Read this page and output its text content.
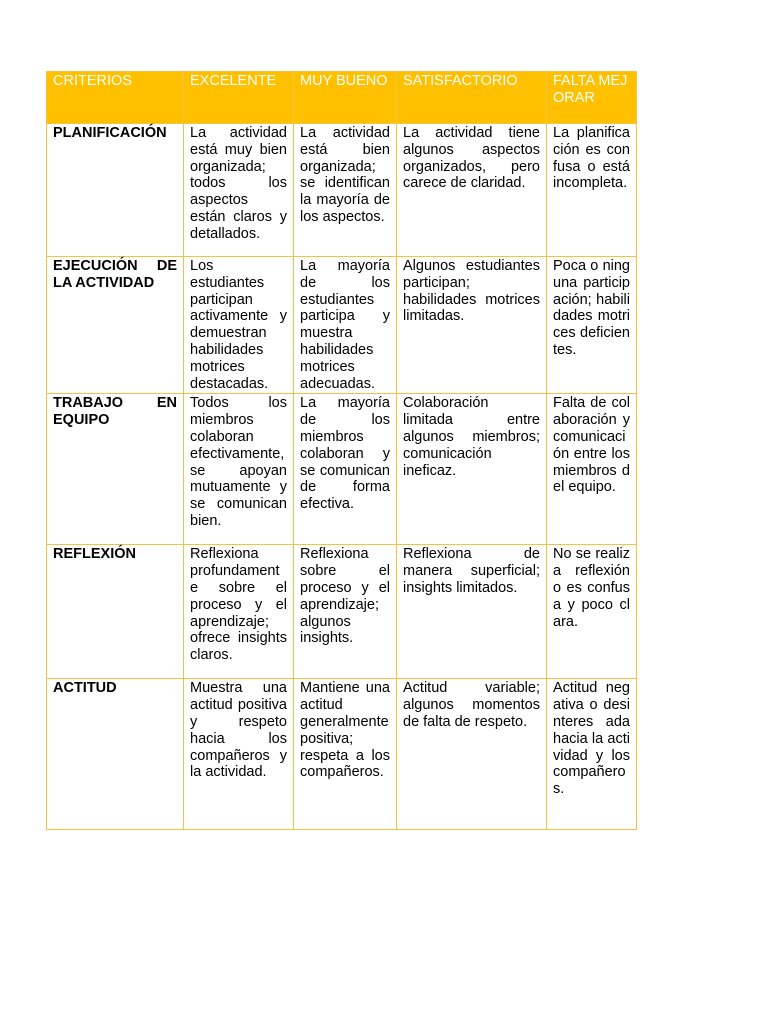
CRITERIOS	EXCELENTE	MUY BUENO	SATISFACTORIO	FALTA MEJORAR
PLANIFICACIÓN	La actividad está muy bien organizada; todos los aspectos están claros y detallados.	La actividad está bien organizada; se identifican la mayoría de los aspectos.	La actividad tiene algunos aspectos organizados, pero carece de claridad.	La planificación es confusa o está incompleta.
EJECUCIÓN DE LA ACTIVIDAD	Los estudiantes participan activamente y demuestran habilidades motrices destacadas.	La mayoría de los estudiantes participa y muestra habilidades motrices adecuadas.	Algunos estudiantes participan; habilidades motrices limitadas.	Poca o ninguna participación; habilidades motrices deficientes.
TRABAJO EN EQUIPO	Todos los miembros colaboran efectivamente, se apoyan mutuamente y se comunican bien.	La mayoría de los miembros colaboran y se comunican de forma efectiva.	Colaboración limitada entre algunos miembros; comunicación ineficaz.	Falta de colaboración y comunicación entre los miembros del equipo.
REFLEXIÓN	Reflexiona profundamente sobre el proceso y el aprendizaje; ofrece insights claros.	Reflexiona sobre el proceso y el aprendizaje; algunos insights.	Reflexiona de manera superficial; insights limitados.	No se realiza reflexión o es confusa y poco clara.
ACTITUD	Muestra una actitud positiva y respeto hacia los compañeros y la actividad.	Mantiene una actitud generalmente positiva; respeta a los compañeros.	Actitud variable; algunos momentos de falta de respeto.	Actitud negativa o desinteres ada hacia la actividad y los compañeros.
